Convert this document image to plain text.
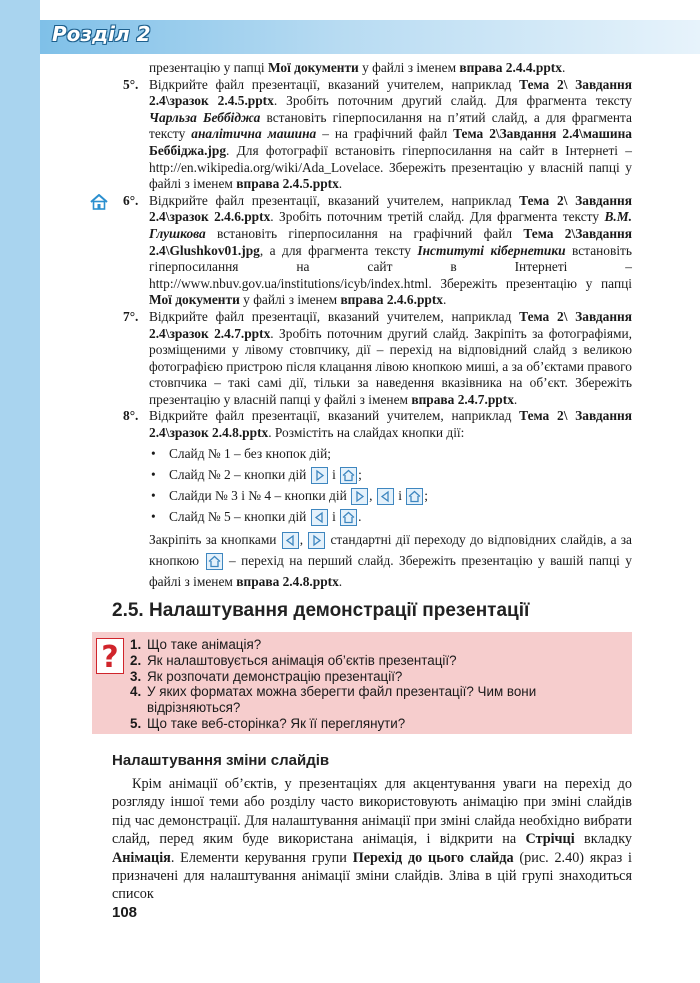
Розділ 2
презентацію у папці Мої документи у файлі з іменем вправа 2.4.4.pptx.
5°. Відкрийте файл презентації, вказаний учителем, наприклад Тема 2\ Завдання 2.4\зразок 2.4.5.pptx. Зробіть поточним другий слайд. Для фрагмента тексту Чарльза Беббіджа встановіть гіперпосилання на п’ятий слайд, а для фрагмента тексту аналітична машина – на графічний файл Тема 2\Завдання 2.4\машина Беббіджа.jpg. Для фотографії встановіть гіперпосилання на сайт в Інтернеті – http://en.wikipedia.org/wiki/Ada_Lovelace. Збережіть презентацію у власній папці у файлі з іменем вправа 2.4.5.pptx.
6°. Відкрийте файл презентації, вказаний учителем, наприклад Тема 2\ Завдання 2.4\зразок 2.4.6.pptx. Зробіть поточним третій слайд. Для фрагмента тексту В.М. Глушкова встановіть гіперпосилання на графічний файл Тема 2\Завдання 2.4\Glushkov01.jpg, а для фрагмента тексту Інституті кібернетики встановіть гіперпосилання на сайт в Інтернеті – http://www.nbuv.gov.ua/institutions/icyb/index.html. Збережіть презентацію у папці Мої документи у файлі з іменем вправа 2.4.6.pptx.
7°. Відкрийте файл презентації, вказаний учителем, наприклад Тема 2\ Завдання 2.4\зразок 2.4.7.pptx. Зробіть поточним другий слайд. Закріпіть за фотографіями, розміщеними у лівому стовпчику, дії – перехід на відповідний слайд з великою фотографією пристрою після клацання лівою кнопкою миші, а за об’єктами правого стовпчика – такі самі дії, тільки за наведення вказівника на об’єкт. Збережіть презентацію у власній папці у файлі з іменем вправа 2.4.7.pptx.
8°. Відкрийте файл презентації, вказаний учителем, наприклад Тема 2\ Завдання 2.4\зразок 2.4.8.pptx. Розмістіть на слайдах кнопки дії:
• Слайд № 1 – без кнопок дій;
• Слайд № 2 – кнопки дій і ;
• Слайди № 3 і № 4 – кнопки дій , і ;
• Слайд № 5 – кнопки дій і .
Закріпіть за кнопками ,  стандартні дії переходу до відповідних слайдів, а за кнопкою – перехід на перший слайд. Збережіть презентацію у вашій папці у файлі з іменем вправа 2.4.8.pptx.
2.5. Налаштування демонстрації презентації
? 1. Що таке анімація?
2. Як налаштовується анімація об’єктів презентації?
3. Як розпочати демонстрацію презентації?
4. У яких форматах можна зберегти файл презентації? Чим вони відрізняються?
5. Що таке веб-сторінка? Як її переглянути?
Налаштування зміни слайдів

Крім анімації об’єктів, у презентаціях для акцентування уваги на перехід до розгляду іншої теми або розділу часто використовують анімацію при зміні слайдів під час демонстрації. Для налаштування анімації при зміні слайда необхідно вибрати слайд, перед яким буде використана анімація, і відкрити на Стрічці вкладку Анімація. Елементи керування групи Перехід до цього слайда (рис. 2.40) якраз і призначені для налаштування анімації зміни слайдів. Зліва в цій групі знаходиться список

108
